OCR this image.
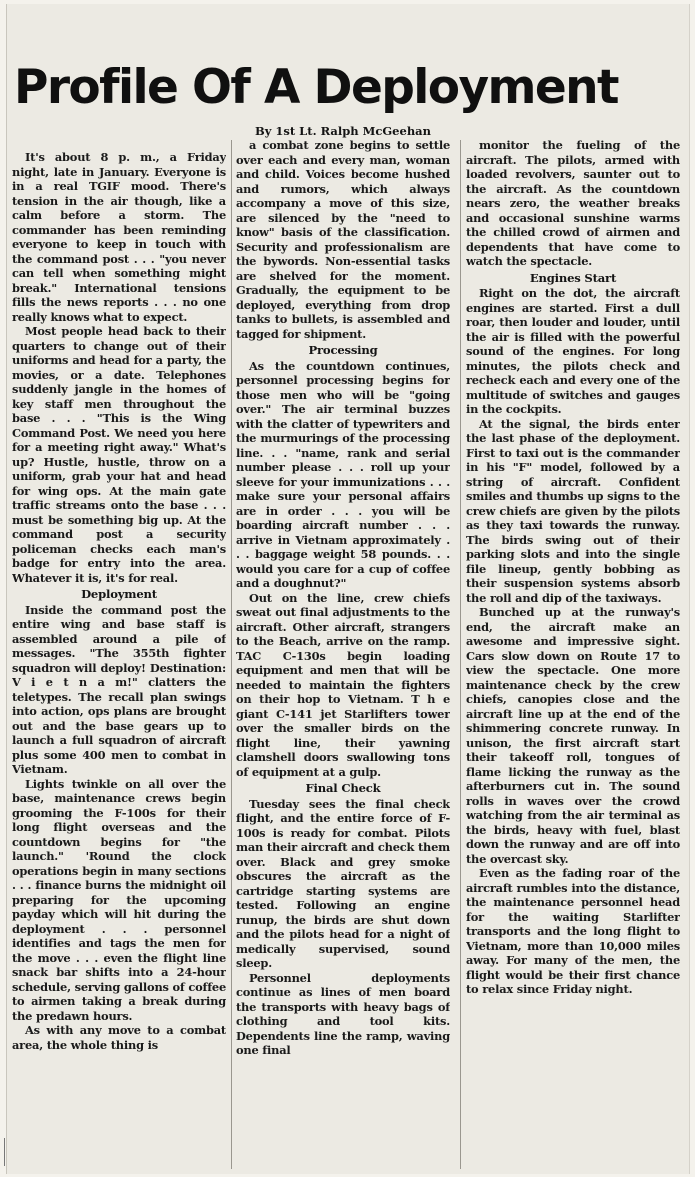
Profile Of A Deployment
By 1st Lt. Ralph McGeehan

It's about 8 p. m., a Friday night, late in January. Everyone is in a real TGIF mood. There's tension in the air though, like a calm before a storm. The commander has been reminding everyone to keep in touch with the command post . . . "you never can tell when something might break." International tensions fills the news reports . . . no one really knows what to expect.

Most people head back to their quarters to change out of their uniforms and head for a party, the movies, or a date. Telephones suddenly jangle in the homes of key staff men throughout the base . . . "This is the Wing Command Post. We need you here for a meeting right away." What's up? Hustle, hustle, throw on a uniform, grab your hat and head for wing ops. At the main gate traffic streams onto the base . . . must be something big up. At the command post a security policeman checks each man's badge for entry into the area. Whatever it is, it's for real.

Deployment

Inside the command post the entire wing and base staff is assembled around a pile of messages. "The 355th fighter squadron will deploy! Destination: V i e t n a m!" clatters the teletypes. The recall plan swings into action, ops plans are brought out and the base gears up to launch a full squadron of aircraft plus some 400 men to combat in Vietnam.

Lights twinkle on all over the base, maintenance crews begin grooming the F-100s for their long flight overseas and the countdown begins for "the launch." 'Round the clock operations begin in many sections . . . finance burns the midnight oil preparing for the upcoming payday which will hit during the deployment . . . personnel identifies and tags the men for the move . . . even the flight line snack bar shifts into a 24-hour schedule, serving gallons of coffee to airmen taking a break during the predawn hours.

As with any move to a combat area, the whole thing is

a combat zone begins to settle over each and every man, woman and child. Voices become hushed and rumors, which always accompany a move of this size, are silenced by the "need to know" basis of the classification. Security and professionalism are the bywords. Non-essential tasks are shelved for the moment. Gradually, the equipment to be deployed, everything from drop tanks to bullets, is assembled and tagged for shipment.

Processing

As the countdown continues, personnel processing begins for those men who will be "going over." The air terminal buzzes with the clatter of typewriters and the murmurings of the processing line. . . "name, rank and serial number please . . . roll up your sleeve for your immunizations . . . make sure your personal affairs are in order . . . you will be boarding aircraft number . . . arrive in Vietnam approximately . . . baggage weight 58 pounds. . . would you care for a cup of coffee and a doughnut?"

Out on the line, crew chiefs sweat out final adjustments to the aircraft. Other aircraft, strangers to the Beach, arrive on the ramp. TAC C-130s begin loading equipment and men that will be needed to maintain the fighters on their hop to Vietnam. T h e giant C-141 jet Starlifters tower over the smaller birds on the flight line, their yawning clamshell doors swallowing tons of equipment at a gulp.

Final Check

Tuesday sees the final check flight, and the entire force of F-100s is ready for combat. Pilots man their aircraft and check them over. Black and grey smoke obscures the aircraft as the cartridge starting systems are tested. Following an engine runup, the birds are shut down and the pilots head for a night of medically supervised, sound sleep.

Personnel deployments continue as lines of men board the transports with heavy bags of clothing and tool kits. Dependents line the ramp, waving one final

monitor the fueling of the aircraft. The pilots, armed with loaded revolvers, saunter out to the aircraft. As the countdown nears zero, the weather breaks and occasional sunshine warms the chilled crowd of airmen and dependents that have come to watch the spectacle.

Engines Start

Right on the dot, the aircraft engines are started. First a dull roar, then louder and louder, until the air is filled with the powerful sound of the engines. For long minutes, the pilots check and recheck each and every one of the multitude of switches and gauges in the cockpits.

At the signal, the birds enter the last phase of the deployment. First to taxi out is the commander in his "F" model, followed by a string of aircraft. Confident smiles and thumbs up signs to the crew chiefs are given by the pilots as they taxi towards the runway. The birds swing out of their parking slots and into the single file lineup, gently bobbing as their suspension systems absorb the roll and dip of the taxiways.

Bunched up at the runway's end, the aircraft make an awesome and impressive sight. Cars slow down on Route 17 to view the spectacle. One more maintenance check by the crew chiefs, canopies close and the aircraft line up at the end of the shimmering concrete runway. In unison, the first aircraft start their takeoff roll, tongues of flame licking the runway as the afterburners cut in. The sound rolls in waves over the crowd watching from the air terminal as the birds, heavy with fuel, blast down the runway and are off into the overcast sky.

Even as the fading roar of the aircraft rumbles into the distance, the maintenance personnel head for the waiting Starlifter transports and the long flight to Vietnam, more than 10,000 miles away. For many of the men, the flight would be their first chance to relax since Friday night.
